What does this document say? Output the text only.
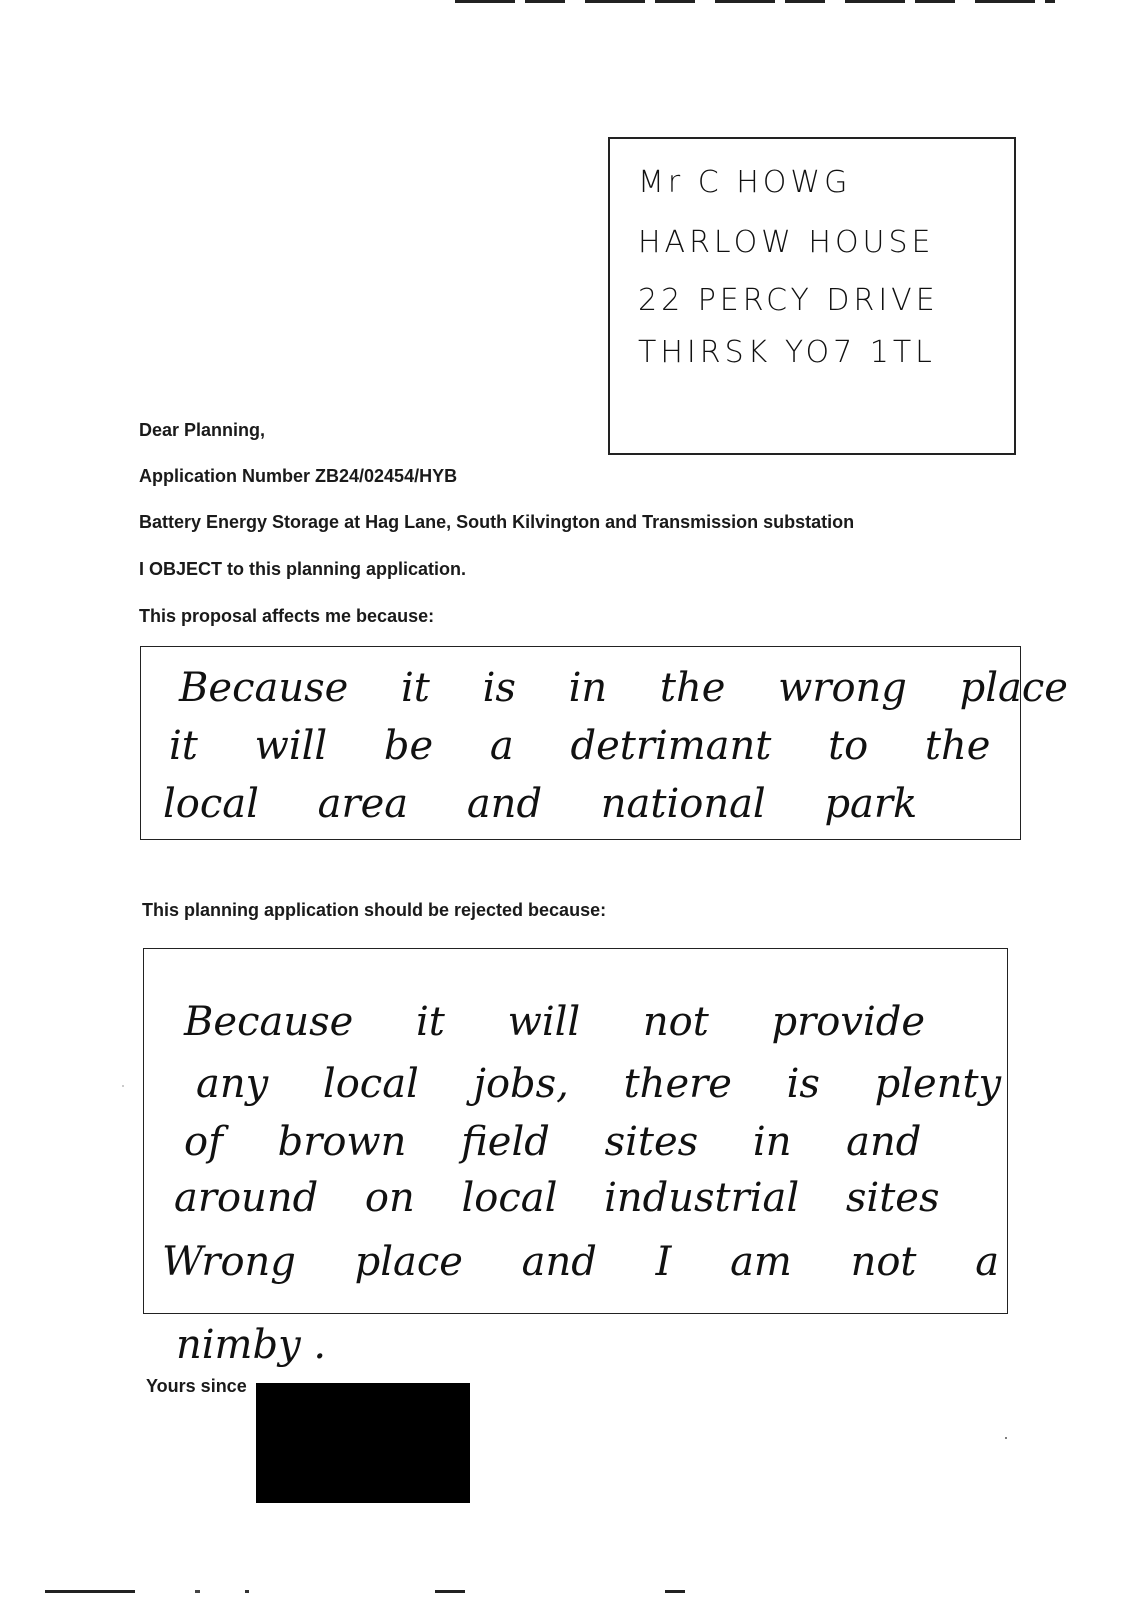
Mr C HOWG
HARLOW HOUSE
22 PERCY DRIVE
THIRSK YO7 1TL
Dear Planning,
Application Number ZB24/02454/HYB
Battery Energy Storage at Hag Lane, South Kilvington and Transmission substation
I OBJECT to this planning application.
This proposal affects me because:
Because it is in the wrong place
it will be a detrimant to the
local area and national park
This planning application should be rejected because:
Because it will not provide
any local jobs, there is plenty
of brown field sites in and
around on local industrial sites
Wrong place and I am not a
nimby .
Yours since
